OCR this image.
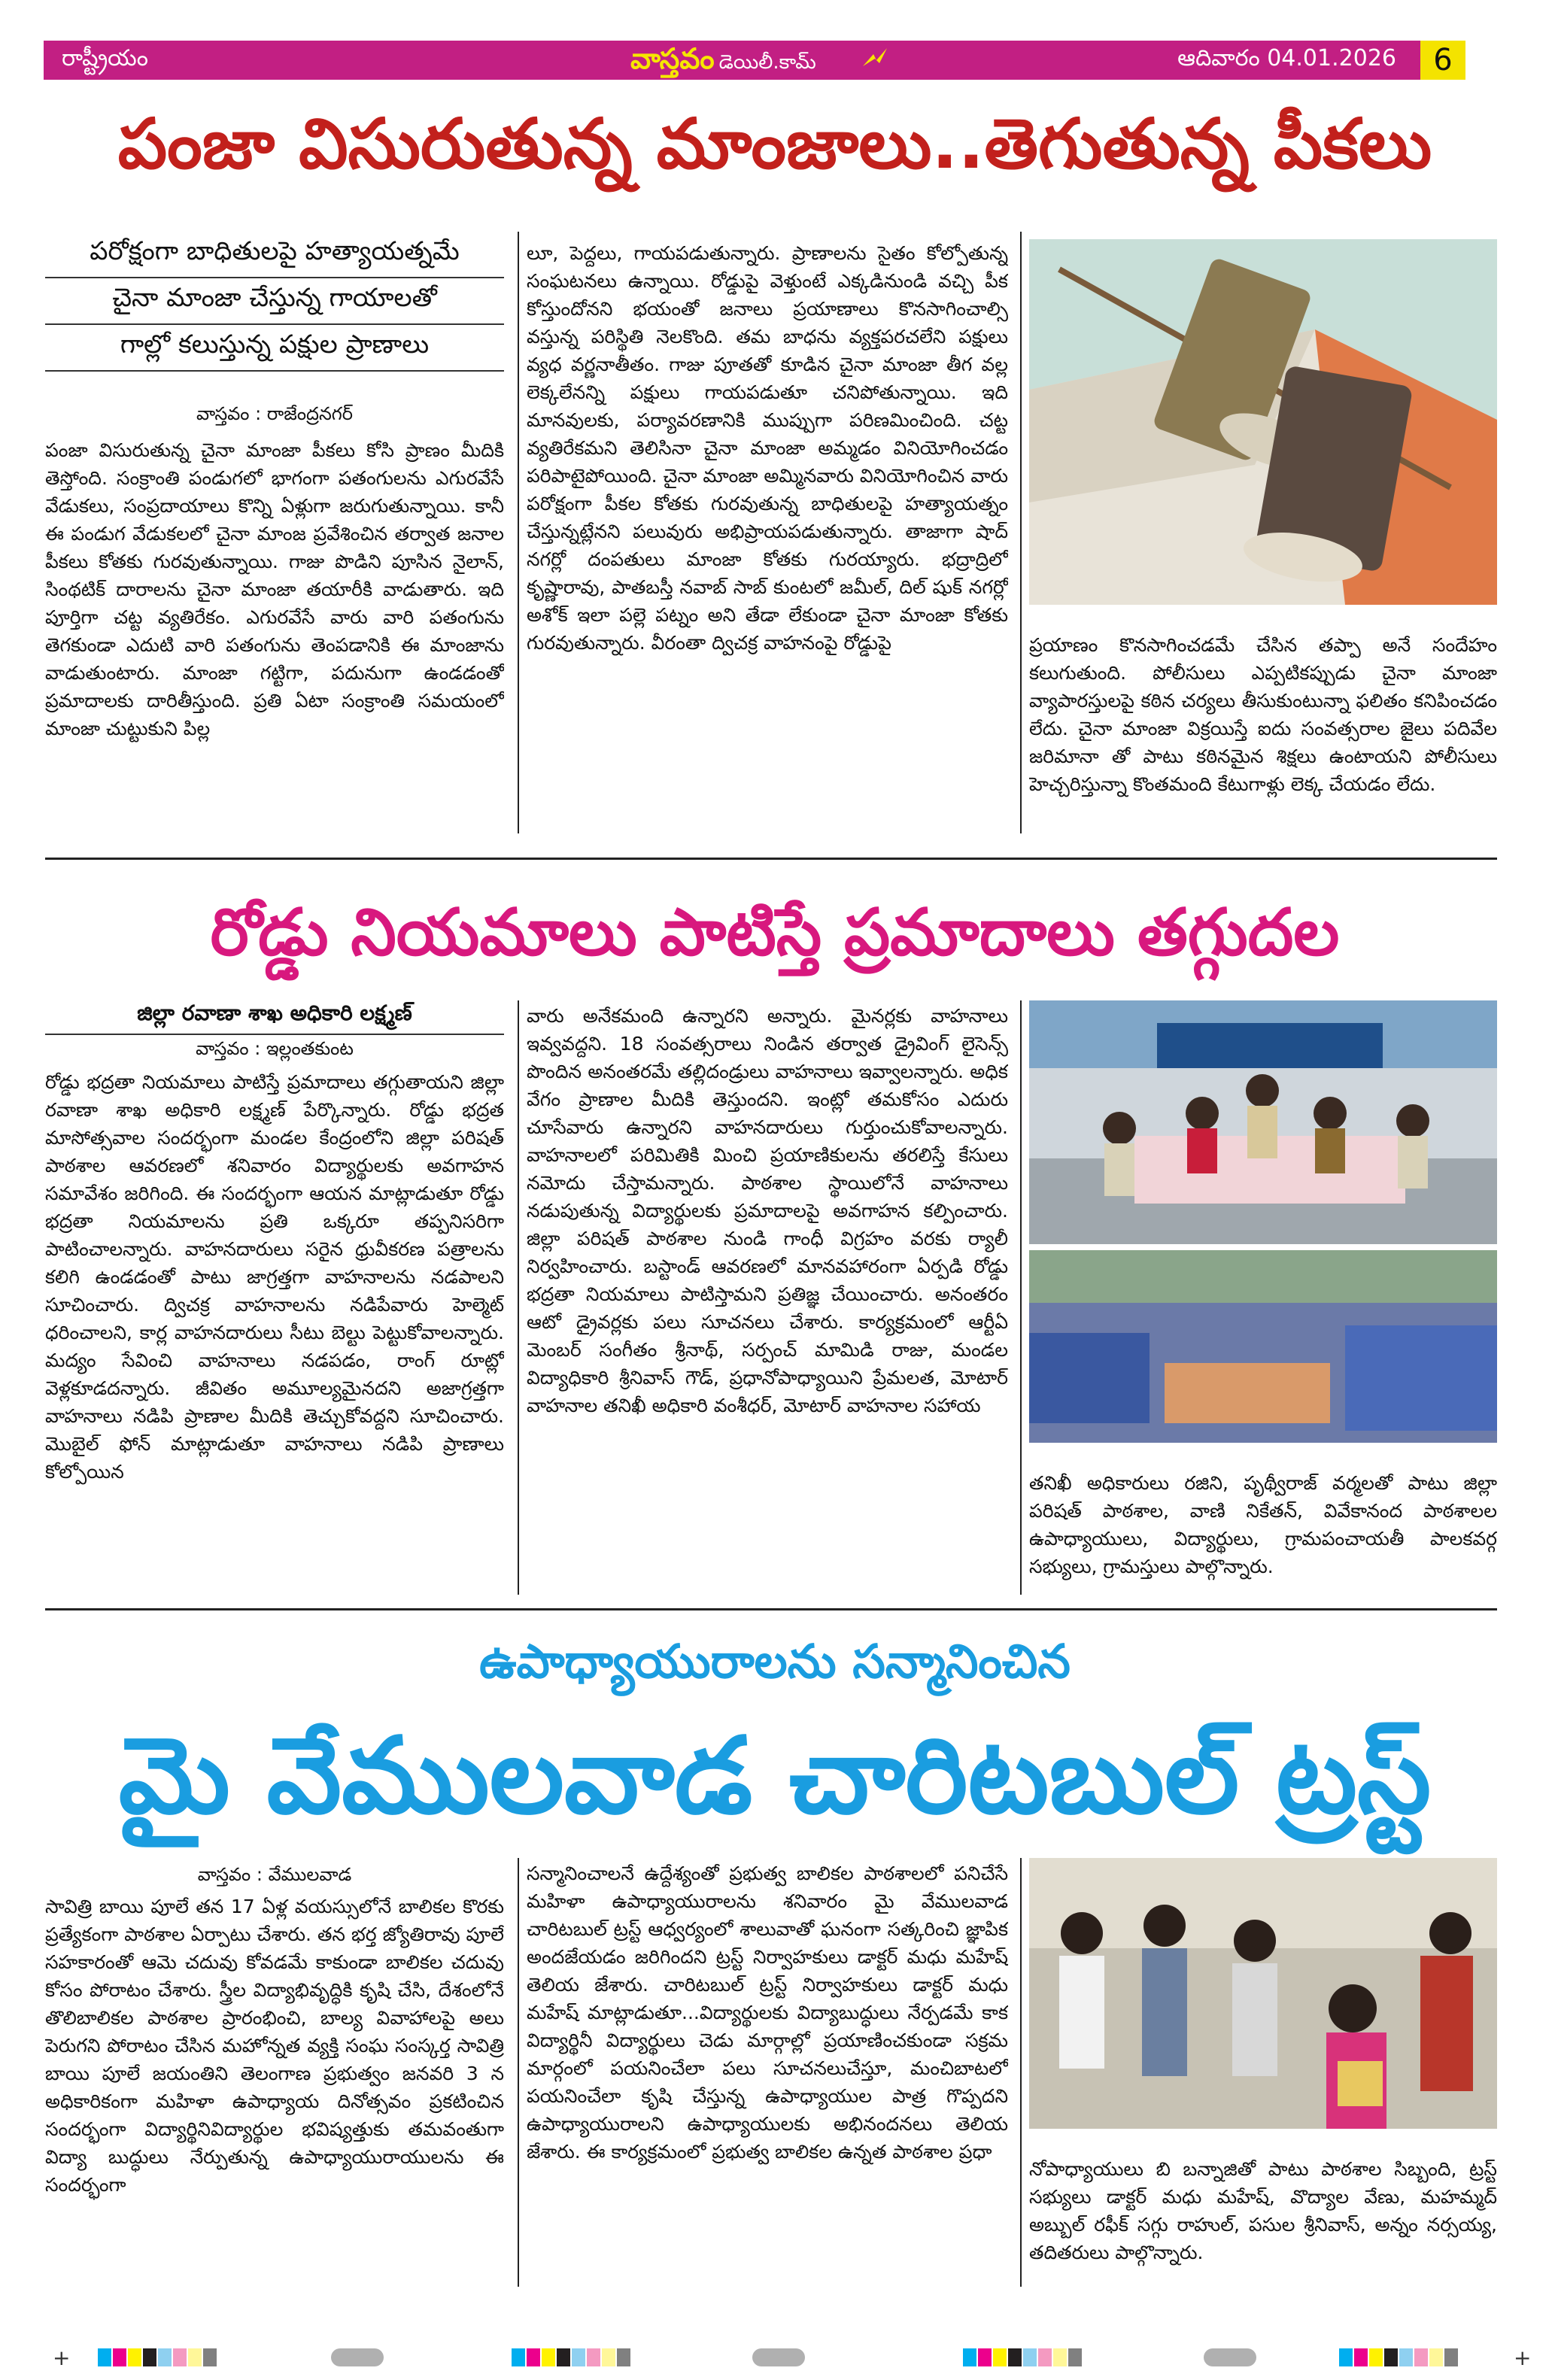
రాష్ట్రీయం	వాస్తవం డెయిలీ.కామ్	ఆదివారం 04.01.2026	6
పంజా విసురుతున్న మాంజాలు..తెగుతున్న పీకలు
పరోక్షంగా బాధితులపై హత్యాయత్నమే
చైనా మాంజా చేస్తున్న గాయాలతో
గాల్లో కలుస్తున్న పక్షుల ప్రాణాలు
వాస్తవం : రాజేంద్రనగర్

పంజా విసురుతున్న చైనా మాంజా పీకలు కోసి ప్రాణం మీదికి తెస్తోంది. సంక్రాంతి పండుగలో భాగంగా పతంగులను ఎగురవేసే వేడుకలు, సంప్రదాయాలు కొన్ని ఏళ్లుగా జరుగుతున్నాయి. కానీ ఈ పండుగ వేడుకలలో చైనా మాంజ ప్రవేశించిన తర్వాత జనాల పీకలు కోతకు గురవుతున్నాయి. గాజు పొడిని పూసిన నైలాన్, సింథటిక్ దారాలను చైనా మాంజా తయారీకి వాడుతారు. ఇది పూర్తిగా చట్ట వ్యతిరేకం. ఎగురవేసే వారు వారి పతంగును తెగకుండా ఎదుటి వారి పతంగును తెంపడానికి ఈ మాంజాను వాడుతుంటారు. మాంజా గట్టిగా, పదునుగా ఉండడంతో ప్రమాదాలకు దారితీస్తుంది. ప్రతి ఏటా సంక్రాంతి సమయంలో మాంజా చుట్టుకుని పిల్ల

లూ, పెద్దలు, గాయపడుతున్నారు. ప్రాణాలను సైతం కోల్పోతున్న సంఘటనలు ఉన్నాయి. రోడ్డుపై వెళ్తుంటే ఎక్కడినుండి వచ్చి పీక కోస్తుందోనని భయంతో జనాలు ప్రయాణాలు కొనసాగించాల్సి వస్తున్న పరిస్థితి నెలకొంది. తమ బాధను వ్యక్తపరచలేని పక్షులు వ్యధ వర్ణనాతీతం. గాజు పూతతో కూడిన చైనా మాంజా తీగ వల్ల లెక్కలేనన్ని పక్షులు గాయపడుతూ చనిపోతున్నాయి. ఇది మానవులకు, పర్యావరణానికి ముప్పుగా పరిణమించింది. చట్ట వ్యతిరేకమని తెలిసినా చైనా మాంజా అమ్మడం వినియోగించడం పరిపాటైపోయింది. చైనా మాంజా అమ్మినవారు వినియోగించిన వారు పరోక్షంగా పీకల కోతకు గురవుతున్న బాధితులపై హత్యాయత్నం చేస్తున్నట్లేనని పలువురు అభిప్రాయపడుతున్నారు. తాజాగా షాద్ నగర్లో దంపతులు మాంజా కోతకు గురయ్యారు. భద్రాద్రిలో కృష్ణారావు, పాతబస్తీ నవాబ్ సాబ్ కుంటలో జమీల్, దిల్ షుక్ నగర్లో అశోక్ ఇలా పల్లె పట్నం అని తేడా లేకుండా చైనా మాంజా కోతకు గురవుతున్నారు. వీరంతా ద్విచక్ర వాహనంపై రోడ్డుపై	ప్రయాణం కొనసాగించడమే చేసిన తప్పా అనే సందేహం కలుగుతుంది. పోలీసులు ఎప్పటికప్పుడు చైనా మాంజా వ్యాపారస్తులపై కఠిన చర్యలు తీసుకుంటున్నా ఫలితం కనిపించడం లేదు. చైనా మాంజా విక్రయిస్తే ఐదు సంవత్సరాల జైలు పదివేల జరిమానా తో పాటు కఠినమైన శిక్షలు ఉంటాయని పోలీసులు హెచ్చరిస్తున్నా కొంతమంది కేటుగాళ్లు లెక్క చేయడం లేదు.

రోడ్డు నియమాలు పాటిస్తే ప్రమాదాలు తగ్గుదల
జిల్లా రవాణా శాఖ అధికారి లక్ష్మణ్
వాస్తవం : ఇల్లంతకుంట

రోడ్డు భద్రతా నియమాలు పాటిస్తే ప్రమాదాలు తగ్గుతాయని జిల్లా రవాణా శాఖ అధికారి లక్ష్మణ్ పేర్కొన్నారు. రోడ్డు భద్రత మాసోత్సవాల సందర్భంగా మండల కేంద్రంలోని జిల్లా పరిషత్ పాఠశాల ఆవరణలో శనివారం విద్యార్థులకు అవగాహన సమావేశం జరిగింది. ఈ సందర్భంగా ఆయన మాట్లాడుతూ రోడ్డు భద్రతా నియమాలను ప్రతి ఒక్కరూ తప్పనిసరిగా పాటించాలన్నారు. వాహనదారులు సరైన ధ్రువీకరణ పత్రాలను కలిగి ఉండడంతో పాటు జాగ్రత్తగా వాహనాలను నడపాలని సూచించారు. ద్విచక్ర వాహనాలను నడిపేవారు హెల్మెట్ ధరించాలని, కార్ల వాహనదారులు సీటు బెల్టు పెట్టుకోవాలన్నారు. మద్యం సేవించి వాహనాలు నడపడం, రాంగ్ రూట్లో వెళ్లకూడదన్నారు. జీవితం అమూల్యమైనదని అజాగ్రత్తగా వాహనాలు నడిపి ప్రాణాల మీదికి తెచ్చుకోవద్దని సూచించారు. మొబైల్ ఫోన్ మాట్లాడుతూ వాహనాలు నడిపి ప్రాణాలు కోల్పోయిన

వారు అనేకమంది ఉన్నారని అన్నారు. మైనర్లకు వాహనాలు ఇవ్వవద్దని. 18 సంవత్సరాలు నిండిన తర్వాత డ్రైవింగ్ లైసెన్స్ పొందిన అనంతరమే తల్లిదండ్రులు వాహనాలు ఇవ్వాలన్నారు. అధిక వేగం ప్రాణాల మీదికి తెస్తుందని. ఇంట్లో తమకోసం ఎదురు చూసేవారు ఉన్నారని వాహనదారులు గుర్తుంచుకోవాలన్నారు. వాహనాలలో పరిమితికి మించి ప్రయాణికులను తరలిస్తే కేసులు నమోదు చేస్తామన్నారు. పాఠశాల స్థాయిలోనే వాహనాలు నడుపుతున్న విద్యార్థులకు ప్రమాదాలపై అవగాహన కల్పించారు. జిల్లా పరిషత్ పాఠశాల నుండి గాంధీ విగ్రహం వరకు ర్యాలీ నిర్వహించారు. బస్టాండ్ ఆవరణలో మానవహారంగా ఏర్పడి రోడ్డు భద్రతా నియమాలు పాటిస్తామని ప్రతిజ్ఞ చేయించారు. అనంతరం ఆటో డ్రైవర్లకు పలు సూచనలు చేశారు. కార్యక్రమంలో ఆర్టీఏ మెంబర్ సంగీతం శ్రీనాథ్, సర్పంచ్ మామిడి రాజు, మండల విద్యాధికారి శ్రీనివాస్ గౌడ్, ప్రధానోపాధ్యాయిని ప్రేమలత, మోటార్ వాహనాల తనిఖీ అధికారి వంశీధర్, మోటార్ వాహనాల సహాయ

తనిఖీ అధికారులు రజిని, పృథ్వీరాజ్ వర్మలతో పాటు జిల్లా పరిషత్ పాఠశాల, వాణి నికేతన్, వివేకానంద పాఠశాలల ఉపాధ్యాయులు, విద్యార్థులు, గ్రామపంచాయతీ పాలకవర్గ సభ్యులు, గ్రామస్తులు పాల్గొన్నారు.

ఉపాధ్యాయురాలను సన్మానించిన
మై వేములవాడ చారిటబుల్ ట్రస్ట్
వాస్తవం : వేములవాడ

సావిత్రి బాయి పూలే తన 17 ఏళ్ల వయస్సులోనే బాలికల కొరకు ప్రత్యేకంగా పాఠశాల ఏర్పాటు చేశారు. తన భర్త జ్యోతిరావు పూలే సహకారంతో ఆమె చదువు కోవడమే కాకుండా బాలికల చదువు కోసం పోరాటం చేశారు. స్త్రీల విద్యాభివృద్ధికి కృషి చేసి, దేశంలోనే తొలిబాలికల పాఠశాల ప్రారంభించి, బాల్య వివాహాలపై అలు పెరుగని పోరాటం చేసిన మహోన్నత వ్యక్తి సంఘ సంస్కర్త సావిత్రి బాయి పూలే జయంతిని తెలంగాణ ప్రభుత్వం జనవరి 3 న అధికారికంగా మహిళా ఉపాధ్యాయ దినోత్సవం ప్రకటించిన సందర్భంగా విద్యార్థినివిద్యార్థుల భవిష్యత్తుకు తమవంతుగా విద్యా బుద్ధులు నేర్పుతున్న ఉపాధ్యాయురాయులను ఈ సందర్భంగా

సన్మానించాలనే ఉద్దేశ్యంతో ప్రభుత్వ బాలికల పాఠశాలలో పనిచేసే మహిళా ఉపాధ్యాయురాలను శనివారం మై వేములవాడ చారిటబుల్ ట్రస్ట్ ఆధ్వర్యంలో శాలువాతో ఘనంగా సత్కరించి జ్ఞాపిక అందజేయడం జరిగిందని ట్రస్ట్ నిర్వాహకులు డాక్టర్ మధు మహేష్ తెలియ జేశారు. చారిటబుల్ ట్రస్ట్ నిర్వాహకులు డాక్టర్ మధు మహేష్ మాట్లాడుతూ...విద్యార్థులకు విద్యాబుద్ధులు నేర్పడమే కాక విద్యార్థినీ విద్యార్థులు చెడు మార్గాల్లో ప్రయాణించకుండా సక్రమ మార్గంలో పయనించేలా పలు సూచనలుచేస్తూ, మంచిబాటలో పయనించేలా కృషి చేస్తున్న ఉపాధ్యాయుల పాత్ర గొప్పదని ఉపాధ్యాయురాలని ఉపాధ్యాయులకు అభినందనలు తెలియ జేశారు. ఈ కార్యక్రమంలో ప్రభుత్వ బాలికల ఉన్నత పాఠశాల ప్రధా

నోపాధ్యాయులు బి బన్నాజితో పాటు పాఠశాల సిబ్బంది, ట్రస్ట్ సభ్యులు డాక్టర్ మధు మహేష్, వొద్యాల వేణు, మహమ్మద్ అబ్బుల్ రఫీక్ సగ్గు రాహుల్, పసుల శ్రీనివాస్, అన్నం నర్సయ్య, తదితరులు పాల్గొన్నారు.

+	+
